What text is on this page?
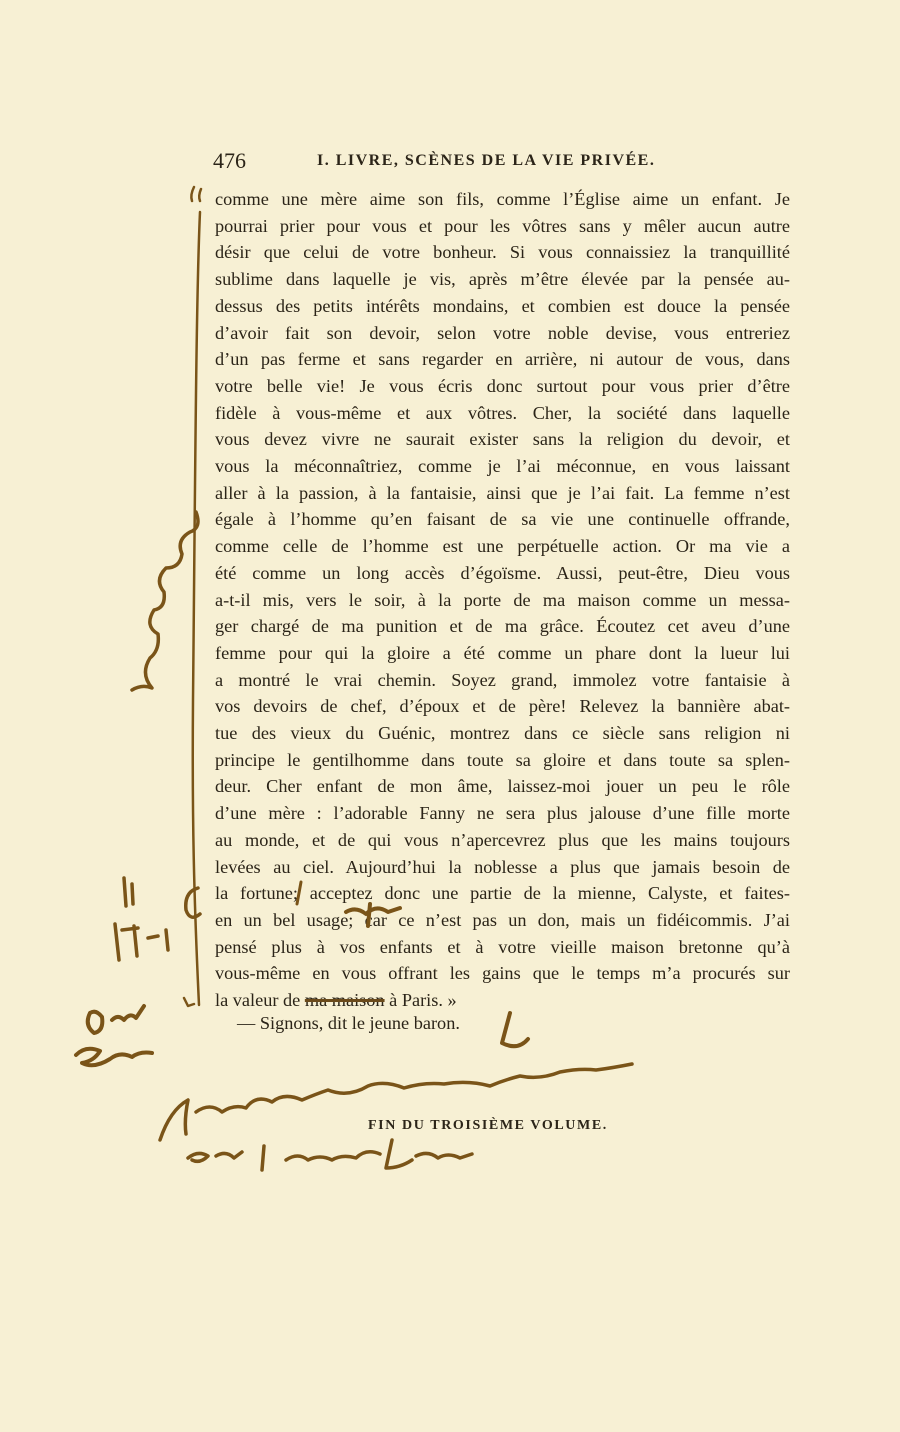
476	I. LIVRE, SCÈNES DE LA VIE PRIVÉE.
comme une mère aime son fils, comme l’Église aime un enfant. Je
pourrai prier pour vous et pour les vôtres sans y mêler aucun autre
désir que celui de votre bonheur. Si vous connaissiez la tranquillité
sublime dans laquelle je vis, après m’être élevée par la pensée au-
dessus des petits intérêts mondains, et combien est douce la pensée
d’avoir fait son devoir, selon votre noble devise, vous entreriez
d’un pas ferme et sans regarder en arrière, ni autour de vous, dans
votre belle vie! Je vous écris donc surtout pour vous prier d’être
fidèle à vous-même et aux vôtres. Cher, la société dans laquelle
vous devez vivre ne saurait exister sans la religion du devoir, et
vous la méconnaîtriez, comme je l’ai méconnue, en vous laissant
aller à la passion, à la fantaisie, ainsi que je l’ai fait. La femme n’est
égale à l’homme qu’en faisant de sa vie une continuelle offrande,
comme celle de l’homme est une perpétuelle action. Or ma vie a
été comme un long accès d’égoïsme. Aussi, peut-être, Dieu vous
a-t-il mis, vers le soir, à la porte de ma maison comme un messa-
ger chargé de ma punition et de ma grâce. Écoutez cet aveu d’une
femme pour qui la gloire a été comme un phare dont la lueur lui
a montré le vrai chemin. Soyez grand, immolez votre fantaisie à
vos devoirs de chef, d’époux et de père! Relevez la bannière abat-
tue des vieux du Guénic, montrez dans ce siècle sans religion ni
principe le gentilhomme dans toute sa gloire et dans toute sa splen-
deur. Cher enfant de mon âme, laissez-moi jouer un peu le rôle
d’une mère : l’adorable Fanny ne sera plus jalouse d’une fille morte
au monde, et de qui vous n’apercevrez plus que les mains toujours
levées au ciel. Aujourd’hui la noblesse a plus que jamais besoin de
la fortune; acceptez donc une partie de la mienne, Calyste, et faites-
en un bel usage; car ce n’est pas un don, mais un fidéicommis. J’ai
pensé plus à vos enfants et à votre vieille maison bretonne qu’à
vous-même en vous offrant les gains que le temps m’a procurés sur
la valeur de ma maison à Paris. »
— Signons, dit le jeune baron.
FIN DU TROISIÈME VOLUME.
